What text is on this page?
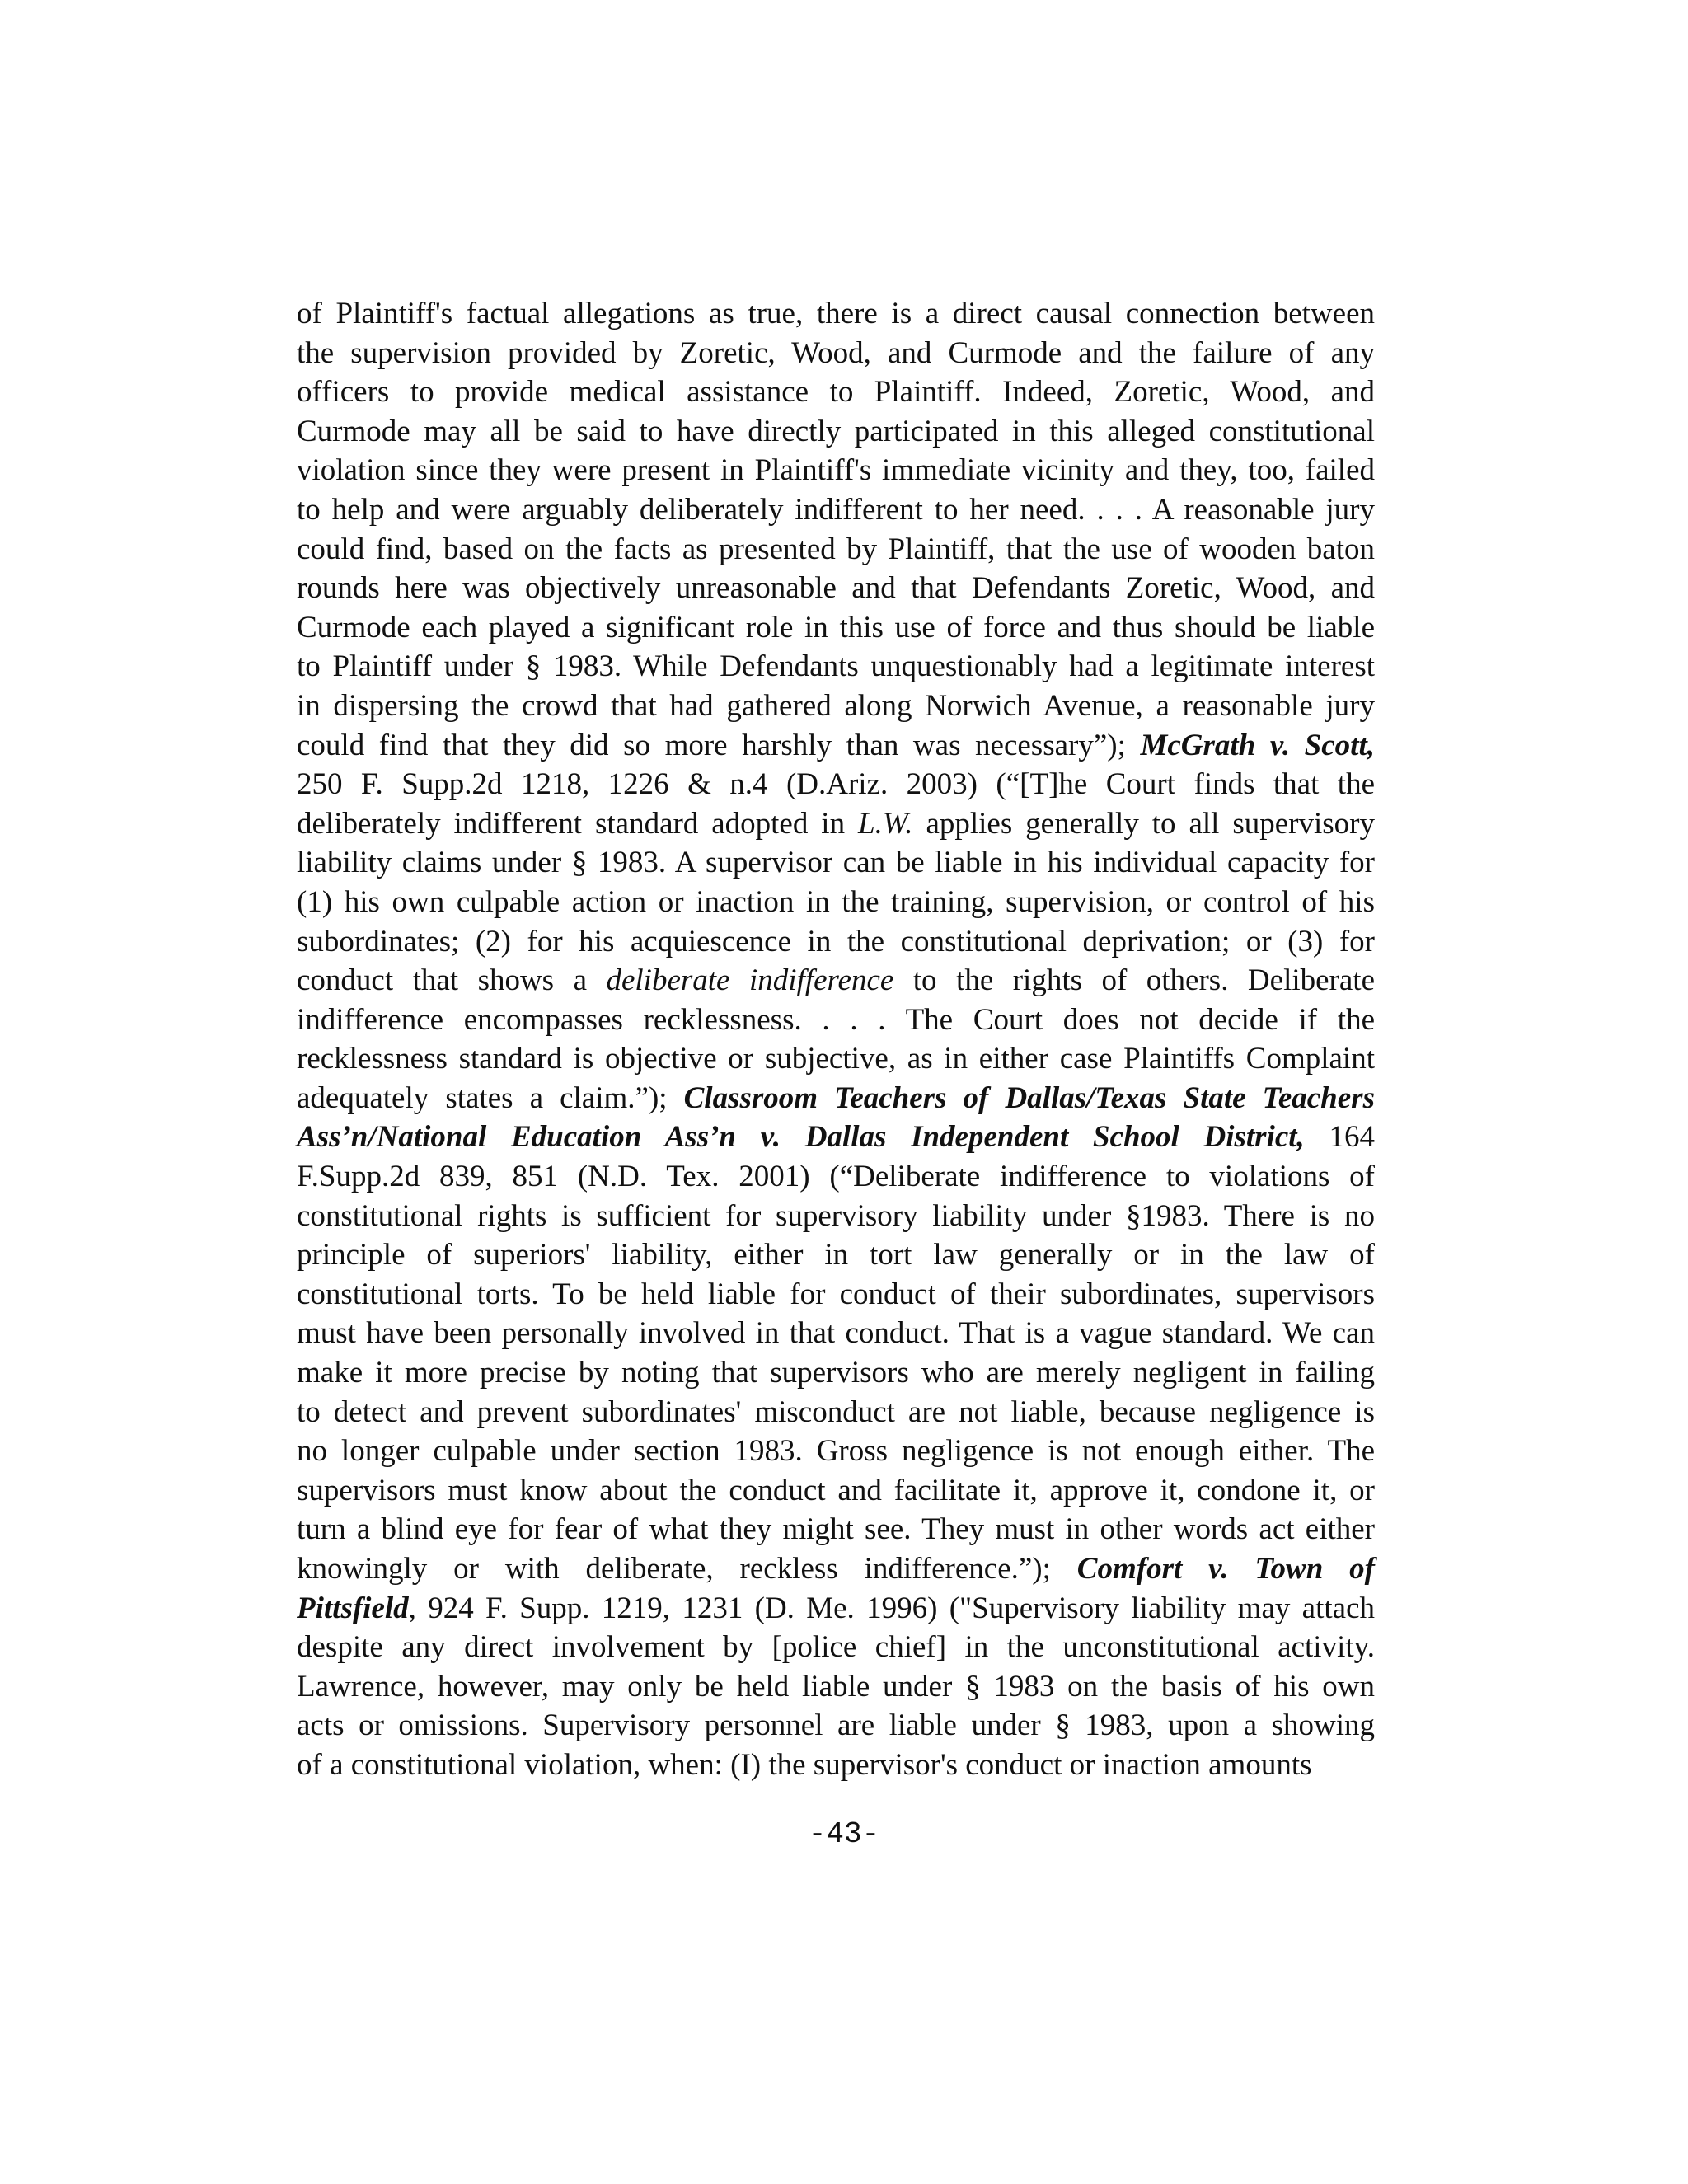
of Plaintiff's factual allegations as true, there is a direct causal connection between
the supervision provided by Zoretic, Wood, and Curmode and the failure of any
officers to provide medical assistance to Plaintiff. Indeed, Zoretic, Wood, and
Curmode may all be said to have directly participated in this alleged constitutional
violation since they were present in Plaintiff's immediate vicinity and they, too, failed
to help and were arguably deliberately indifferent to her need. . . . A reasonable jury
could find, based on the facts as presented by Plaintiff, that the use of wooden baton
rounds here was objectively unreasonable and that Defendants Zoretic, Wood, and
Curmode each played a significant role in this use of force and thus should be liable
to Plaintiff under § 1983. While Defendants unquestionably had a legitimate interest
in dispersing the crowd that had gathered along Norwich Avenue, a reasonable jury
could find that they did so more harshly than was necessary”); McGrath v. Scott,
250 F. Supp.2d 1218, 1226 & n.4 (D.Ariz. 2003) (“[T]he Court finds that the
deliberately indifferent standard adopted in L.W. applies generally to all supervisory
liability claims under § 1983. A supervisor can be liable in his individual capacity for
(1) his own culpable action or inaction in the training, supervision, or control of his
subordinates; (2) for his acquiescence in the constitutional deprivation; or (3) for
conduct that shows a deliberate indifference to the rights of others. Deliberate
indifference encompasses recklessness. . . . The Court does not decide if the
recklessness standard is objective or subjective, as in either case Plaintiffs Complaint
adequately states a claim.”); Classroom Teachers of Dallas/Texas State Teachers
Ass’n/National Education Ass’n v. Dallas Independent School District, 164
F.Supp.2d 839, 851 (N.D. Tex. 2001) (“Deliberate indifference to violations of
constitutional rights is sufficient for supervisory liability under §1983. There is no
principle of superiors' liability, either in tort law generally or in the law of
constitutional torts. To be held liable for conduct of their subordinates, supervisors
must have been personally involved in that conduct. That is a vague standard. We can
make it more precise by noting that supervisors who are merely negligent in failing
to detect and prevent subordinates' misconduct are not liable, because negligence is
no longer culpable under section 1983. Gross negligence is not enough either. The
supervisors must know about the conduct and facilitate it, approve it, condone it, or
turn a blind eye for fear of what they might see. They must in other words act either
knowingly or with deliberate, reckless indifference.”); Comfort v. Town of
Pittsfield, 924 F. Supp. 1219, 1231 (D. Me. 1996) ("Supervisory liability may attach
despite any direct involvement by [police chief] in the unconstitutional activity.
Lawrence, however, may only be held liable under § 1983 on the basis of his own
acts or omissions. Supervisory personnel are liable under § 1983, upon a showing
of a constitutional violation, when: (I) the supervisor's conduct or inaction amounts
-43-
